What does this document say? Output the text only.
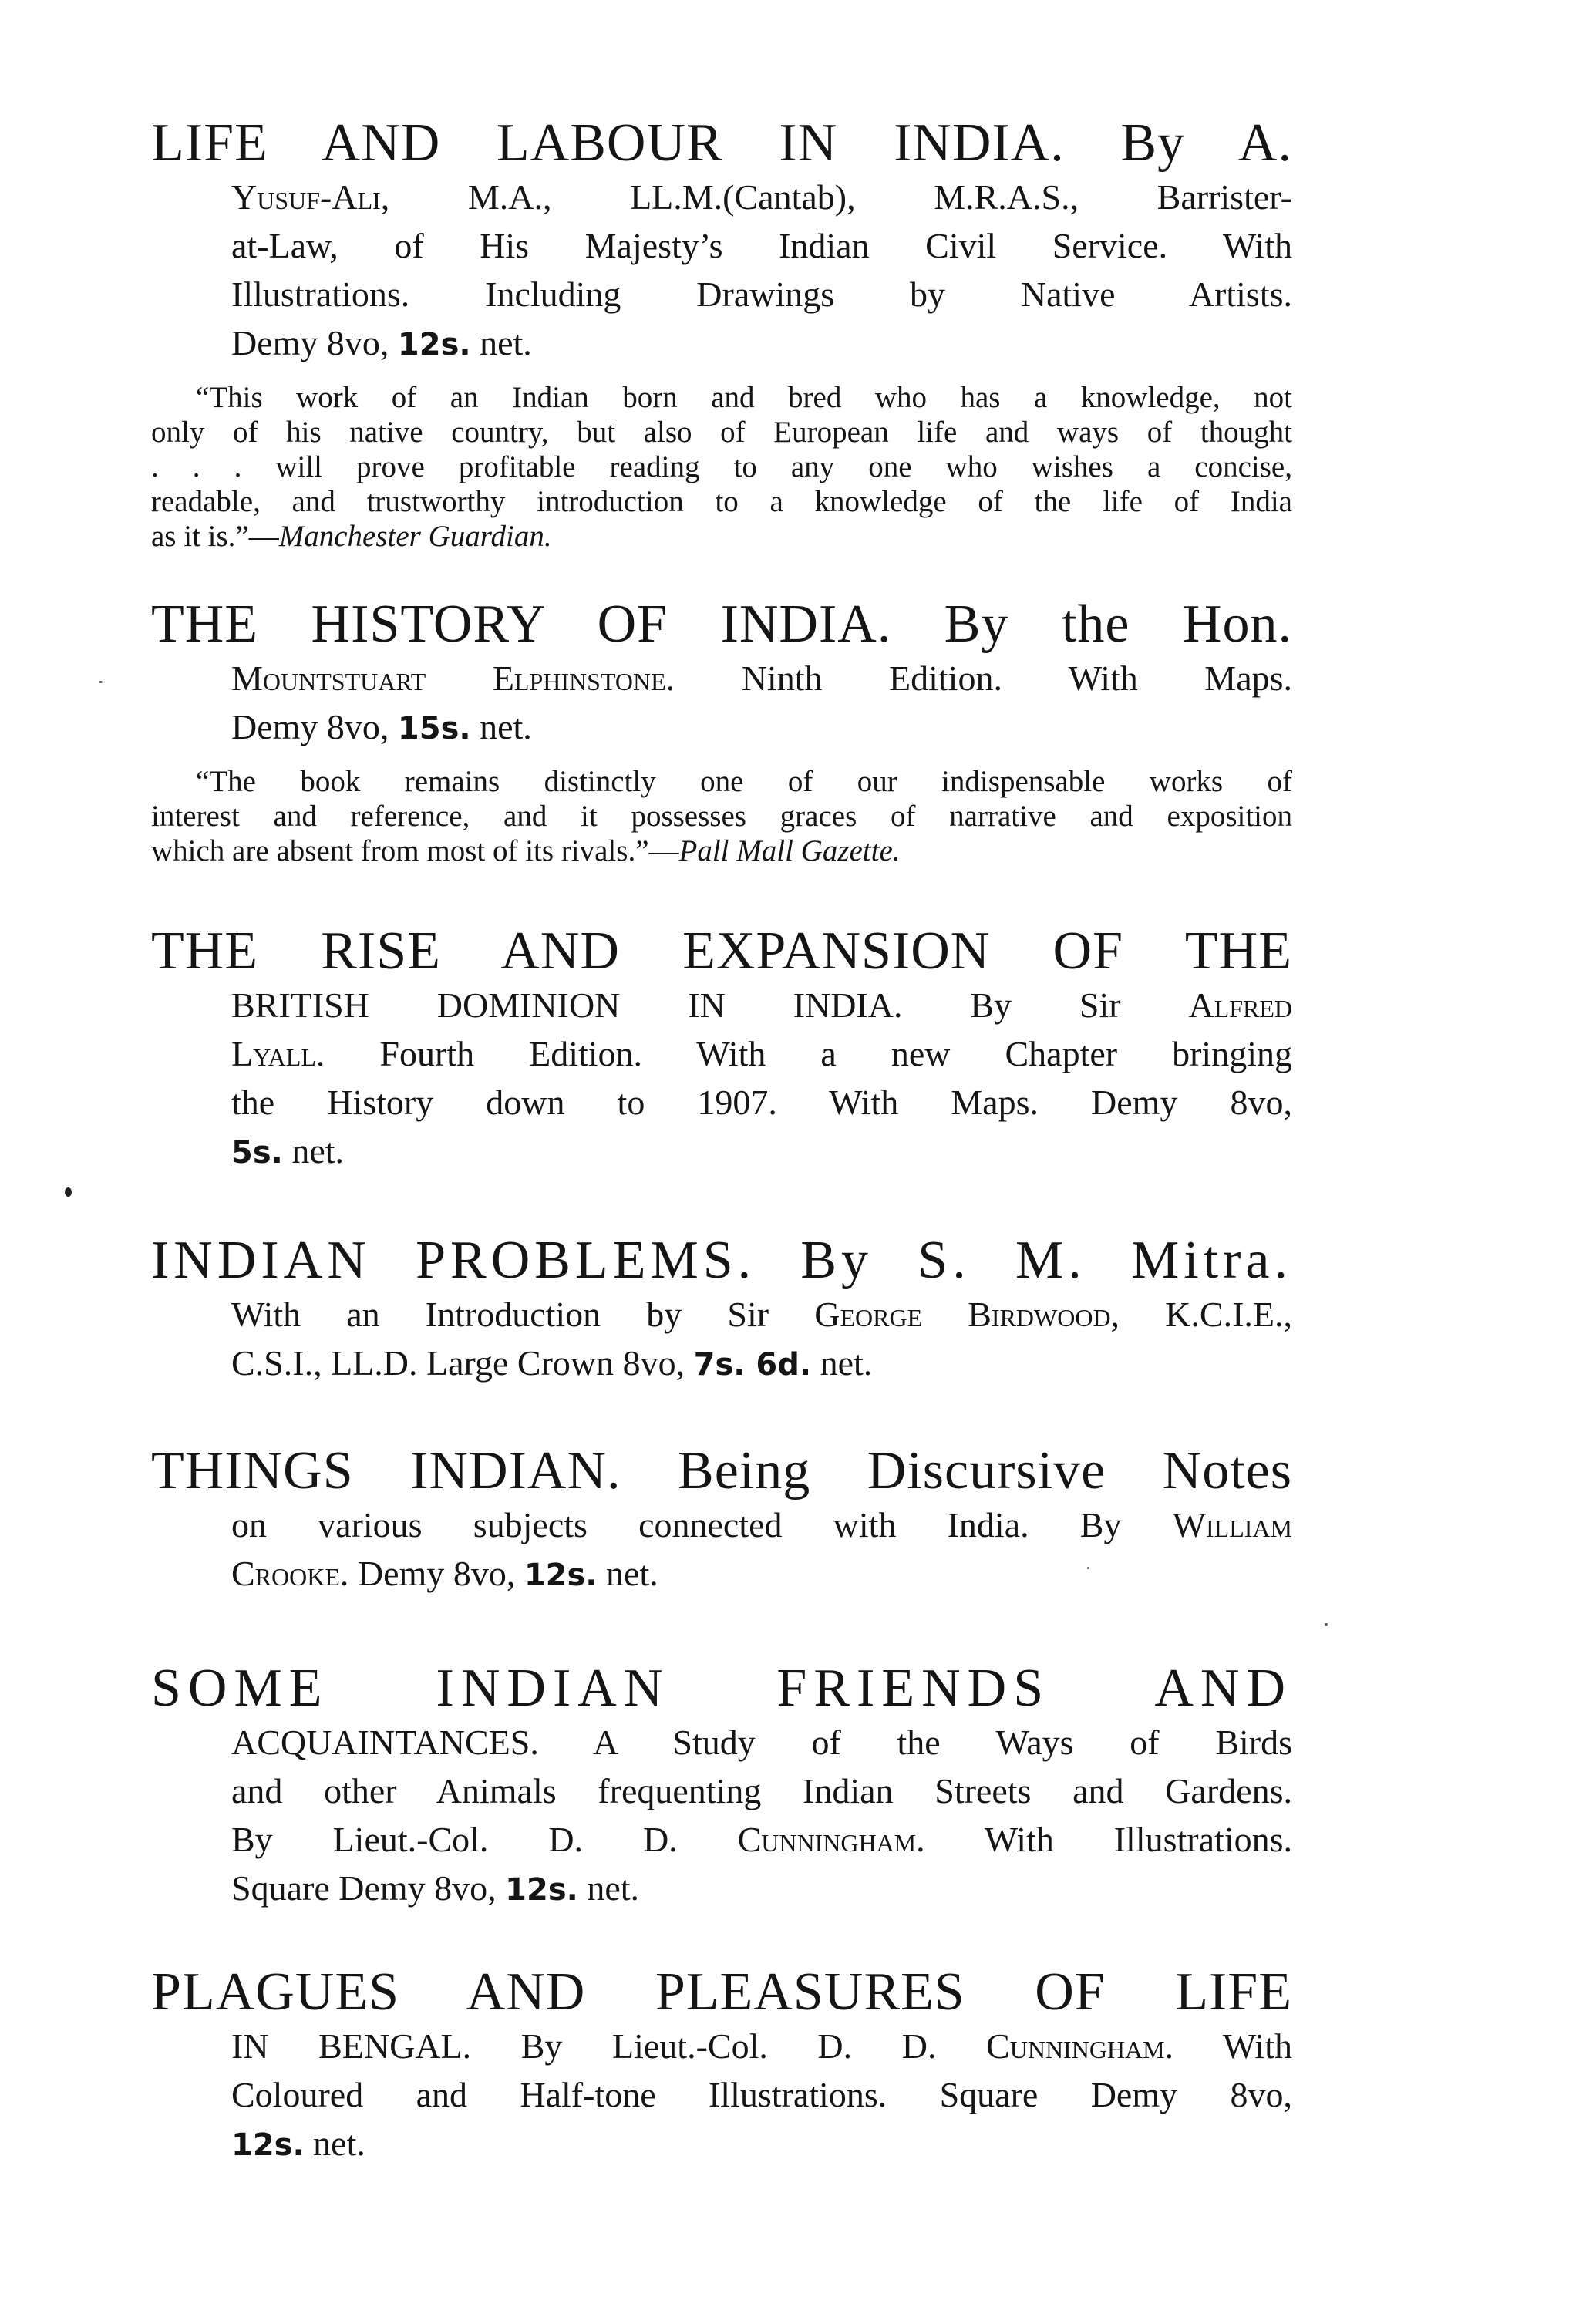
LIFE AND LABOUR IN INDIA. By A.
Yusuf-Ali, M.A., LL.M.(Cantab), M.R.A.S., Barrister-
at-Law, of His Majesty’s Indian Civil Service. With
Illustrations. Including Drawings by Native Artists.
Demy 8vo, 12s. net.
“This work of an Indian born and bred who has a knowledge, not
only of his native country, but also of European life and ways of thought
. . . will prove profitable reading to any one who wishes a concise,
readable, and trustworthy introduction to a knowledge of the life of India
as it is.”—Manchester Guardian.
THE HISTORY OF INDIA. By the Hon.
Mountstuart Elphinstone. Ninth Edition. With Maps.
Demy 8vo, 15s. net.
“The book remains distinctly one of our indispensable works of
interest and reference, and it possesses graces of narrative and exposition
which are absent from most of its rivals.”—Pall Mall Gazette.
THE RISE AND EXPANSION OF THE
BRITISH DOMINION IN INDIA. By Sir Alfred
Lyall. Fourth Edition. With a new Chapter bringing
the History down to 1907. With Maps. Demy 8vo,
5s. net.
INDIAN PROBLEMS. By S. M. Mitra.
With an Introduction by Sir George Birdwood, K.C.I.E.,
C.S.I., LL.D. Large Crown 8vo, 7s. 6d. net.
THINGS INDIAN. Being Discursive Notes
on various subjects connected with India. By William
Crooke. Demy 8vo, 12s. net.
SOME INDIAN FRIENDS AND
ACQUAINTANCES. A Study of the Ways of Birds
and other Animals frequenting Indian Streets and Gardens.
By Lieut.-Col. D. D. Cunningham. With Illustrations.
Square Demy 8vo, 12s. net.
PLAGUES AND PLEASURES OF LIFE
IN BENGAL. By Lieut.-Col. D. D. Cunningham. With
Coloured and Half-tone Illustrations. Square Demy 8vo,
12s. net.
